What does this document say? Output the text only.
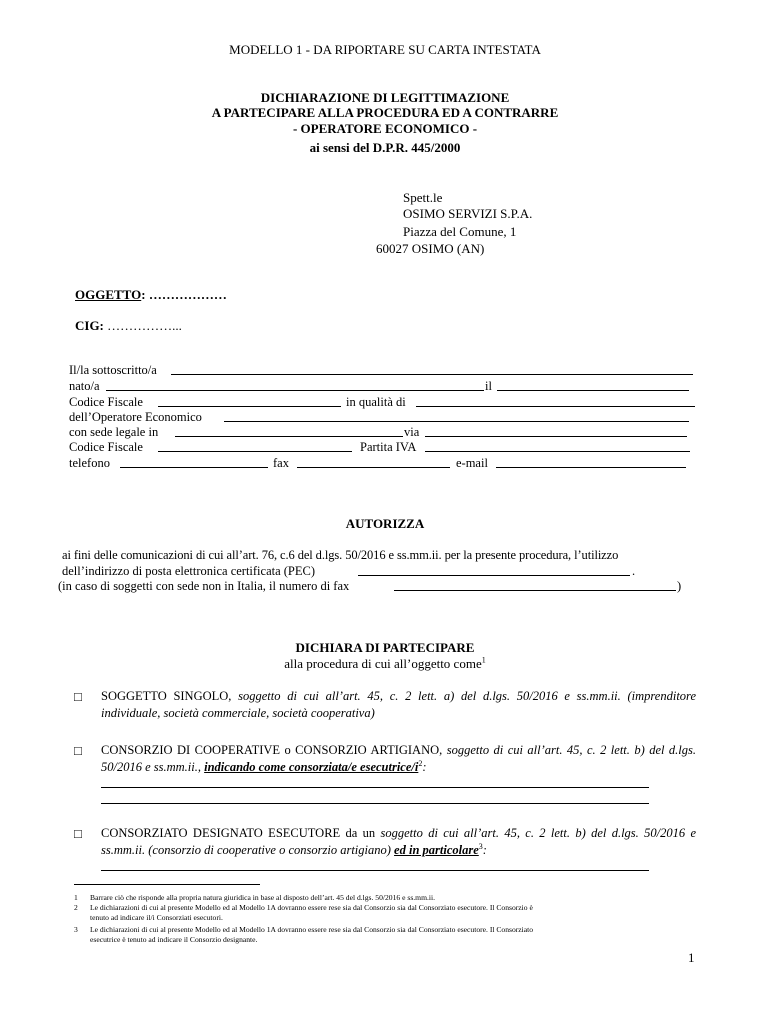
MODELLO 1 - DA RIPORTARE SU CARTA INTESTATA
DICHIARAZIONE DI LEGITTIMAZIONE
A PARTECIPARE ALLA PROCEDURA ED A CONTRARRE
- OPERATORE ECONOMICO -
ai sensi del D.P.R. 445/2000
Spett.le
OSIMO SERVIZI S.P.A.
Piazza del Comune, 1
60027 OSIMO (AN)
OGGETTO: ………………
CIG: ……………...
Il/la sottoscritto/a
nato/a	il
Codice Fiscale	in qualità di
dell’Operatore Economico
con sede legale in	via
Codice Fiscale	Partita IVA
telefono	fax	e-mail
AUTORIZZA
ai fini delle comunicazioni di cui all’art. 76, c.6 del d.lgs. 50/2016 e ss.mm.ii. per la presente procedura, l’utilizzo
dell’indirizzo di posta elettronica certificata (PEC)	.
(in caso di soggetti con sede non in Italia, il numero di fax	)
DICHIARA DI PARTECIPARE
alla procedura di cui all’oggetto come$^1$
□ SOGGETTO SINGOLO, soggetto di cui all’art. 45, c. 2 lett. a) del d.lgs. 50/2016 e ss.mm.ii. (imprenditore individuale, società commerciale, società cooperativa)
□ CONSORZIO DI COOPERATIVE o CONSORZIO ARTIGIANO, soggetto di cui all’art. 45, c. 2 lett. b) del d.lgs. 50/2016 e ss.mm.ii., indicando come consorziata/e esecutrice/$i^2$:
□ CONSORZIATO DESIGNATO ESECUTORE da un soggetto di cui all’art. 45, c. 2 lett. b) del d.lgs. 50/2016 e ss.mm.ii. (consorzio di cooperative o consorzio artigiano) ed in particolare$^3$:
1 Barrare ciò che risponde alla propria natura giuridica in base al disposto dell’art. 45 del d.lgs. 50/2016 e ss.mm.ii.
2 Le dichiarazioni di cui al presente Modello ed al Modello 1A dovranno essere rese sia dal Consorzio sia dal Consorziato esecutore. Il Consorzio è
tenuto ad indicare il/i Consorziati esecutori.
3 Le dichiarazioni di cui al presente Modello ed al Modello 1A dovranno essere rese sia dal Consorzio sia dal Consorziato esecutore. Il Consorziato
esecutrice è tenuto ad indicare il Consorzio designante.
1
